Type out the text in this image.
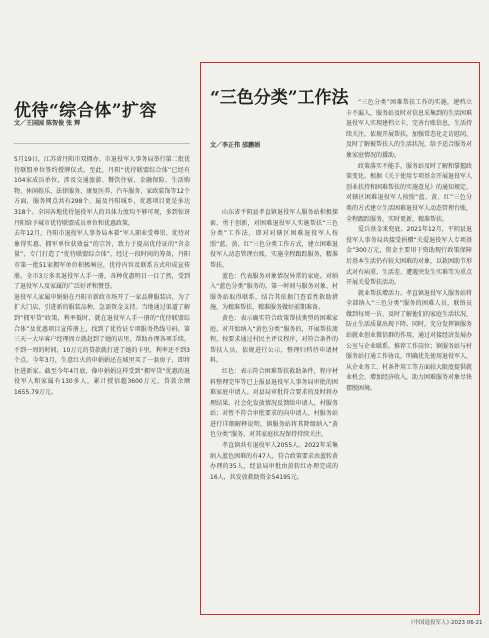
优待“综合体”扩容
文／王国园 陈智俊 张 辉

5月19日，江苏省丹阳市双拥办、市退役军人事务局举行第二批优待联盟单位签约授牌仪式。至此，丹阳“优待联盟综合体”已经有104家成员单位，涉及交通旅游、餐饮住宿、金融保险、生活购物、休闲娱乐、法律服务、康复医养、汽车服务、家政装饰等12个方面，服务网点共有298个，遍及丹阳城乡，优惠项目更是多达318个。全国各地优待退役军人的具体力度均不够可观，多到惊讶丹阳给予城市优待联盟成员单位和优惠政策。

去年12月，丹阳市退役军人事务局本着“军人职业受尊崇、优待对象得实惠、拥军单位获效益”的宗旨，致力于提高优待证的“含金量”，专门打造了“优待联盟综合体”。经过一段时间的筹备，丹阳市第一批51家拥军单位积极响应，优待内容及联系方式印成宣传册。全市3万多名退役军人手一册，各种优惠明目一目了然，受到了退役军人及家属的广泛好评和赞誉。

退役军人家属申娟娟在丹阳市新政市场开了一家品牌服装店，为了扩大门店，引进新的服装品种，急需资金支持。当地通过渠道了解到“拥军贷”政策，利率低时，就在退役军人手一册的“优待联盟综合体”及优惠项目宣传册上，找到了优待证专项服务热线号码。第三天一大早客户经理周立就赶到了她的店里，帮助办理各项手续。不到一周的时间，10万元的贷款就打进了她的卡里，利率还不到3个点。今年3月，生意红火的申娟娟还在城里买了一套房子，即将住进新家。截至今年4月底，像申娟娟这样受到“拥军贷”优惠的退役军人和家属有130多人，累计授信超3600万元，贷款余额1655.79万元。

“三色分类”工作法
文／李正伟 邵鹏娟

山东省平阴县孝直镇退役军人服务站积极探索，勇于创新，对困难退役军人实施帮扶“三色分类”工作法，即对对辖区困难退役军人按照“蓝、黄、红”三色分类工作方式，建立困难退役军人动态管理台账，实施全程跟踪服务，精准帮扶。

蓝色：代表服务对象情况异常的家庭。对纳入“蓝色分类”服务的，第一时间与服务对象、村服务站取得联系，结合其依据门查看性救助措施，为精准帮扶、精准服务做好前期准备。

黄色：表示确实符合政策帮扶类型的困难家庭。对开始纳入“黄色分类”服务的，开展帮扶流程，按要求通过村民主评议程序，对符合条件的帮扶人员，依规进行公示，整理归档待申请材料。

红色：表示符合困难帮扶救助条件，程序材料整理完毕等已上报县退役军人事务局审批的困难家庭申请人。对县局审批符合要求的及时将办理结果、社会化发放情况反馈给申请人，村服务站；对暂不符合审批要求的向申请人、村服务站进行详细解释说明，镇服务站将其降级纳入“黄色分类”服务，对其家庭状况保持持续关注。

孝直镇共有退役军人2055人。2022年采集纳入蓝色困难的有47人，符合政策要求由蓝转黄办理的35人，经县局审批由黄转红办理完成的16人，共发放救助资金54195元。

“三色分类”困难帮扶工作的实施，建档立卡不漏人，服务站及时对信息采集到的生活困难退役军人实现建档立卡，完善台账信息，生活持续关注，依规开展帮扶。加强常态化走访慰问，及时了解被帮扶人的生活状况，给予适合服务对象家庭情况的援助。

政策落实不能手，服务站及时了解和掌握政策变化。根据《关于使用专项基金开展退役军人创业扶持和困难帮扶的实施意见》的通知规定，对辖区困难退役军人按照“蓝、黄、红”三色分类的方式建立生活困难退役军人动态管理台账，全程跟踪服务，实时更新，精准帮扶。

爱兵基金来兜底。2021年12月，平阴县退役军人事务局共接受捐赠“关爱退役军人专项基金”300万元，资金主要用于资助现行政策保障后基本生活仍有较大困难的对象，以救困助节形式对有病重、生活差、遭遇突发生实难等为重点开展关爱帮扶活动。

就业帮扶增活力。孝直镇退役军人服务站将全部纳入“三色分类”服务的困难人员，联络员做到每周一访，及时了解他们的家庭生活状况，防止生活质量出现下降。同时，充分发挥镇服务站就业创业微信群的作用，通过对接经济发展办公室与企业联系，推荐工作岗位；镇服务站与村服务站打通工作协议，明确优先使用退役军人，从企业务工、村条件用工等方面较大限度提供就业机会，增加经济收入，助力困难服务对象尽快摆脱困境。

《中国退役军人》·2023 06·21
